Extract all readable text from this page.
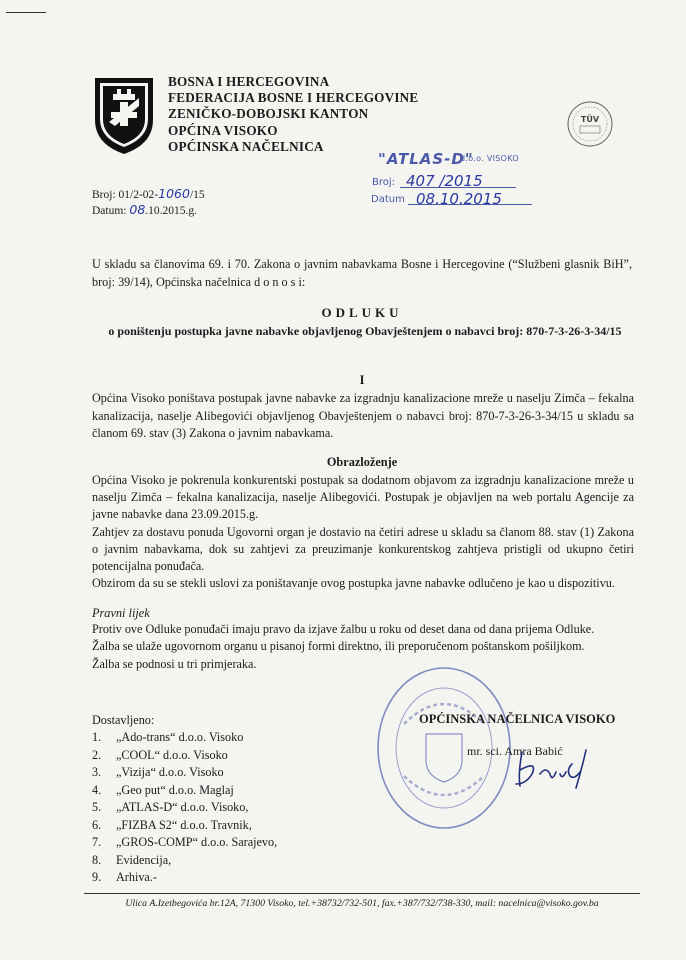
BOSNA I HERCEGOVINA
FEDERACIJA BOSNE I HERCEGOVINE
ZENIČKO-DOBOJSKI KANTON
OPĆINA VISOKO
OPĆINSKA NAČELNICA
TÜV
"ATLAS-D"
d.o.o. VISOKO
Broj: 407 /2015
Datum 08.10.2015
Broj: 01/2-02-1060/15
Datum: 08.10.2015.g.
U skladu sa članovima 69. i 70. Zakona o javnim nabavkama Bosne i Hercegovine (“Službeni glasnik BiH”, broj: 39/14), Općinska načelnica d o n o s i:
ODLUKU
o poništenju postupka javne nabavke objavljenog Obavještenjem o nabavci broj: 870-7-3-26-3-34/15
I
Općina Visoko poništava postupak javne nabavke za izgradnju kanalizacione mreže u naselju Zimča – fekalna kanalizacija, naselje Alibegovići objavljenog Obavještenjem o nabavci broj: 870-7-3-26-3-34/15 u skladu sa članom 69. stav (3) Zakona o javnim nabavkama.
Obrazloženje

Općina Visoko je pokrenula konkurentski postupak sa dodatnom objavom za izgradnju kanalizacione mreže u naselju Zimča – fekalna kanalizacija, naselje Alibegovići. Postupak je objavljen na web portalu Agencije za javne nabavke dana 23.09.2015.g.

Zahtjev za dostavu ponuda Ugovorni organ je dostavio na četiri adrese u skladu sa članom 88. stav (1) Zakona o javnim nabavkama, dok su zahtjevi za preuzimanje konkurentskog zahtjeva pristigli od ukupno četiri potencijalna ponuđača.

Obzirom da su se stekli uslovi za poništavanje ovog postupka javne nabavke odlučeno je kao u dispozitivu.

Pravni lijek

Protiv ove Odluke ponuđači imaju pravo da izjave žalbu u roku od deset dana od dana prijema Odluke.

Žalba se ulaže ugovornom organu u pisanoj formi direktno, ili preporučenom poštanskom pošiljkom.

Žalba se podnosi u tri primjeraka.

Dostavljeno:
1. „Ado-trans“ d.o.o. Visoko
2. „COOL“ d.o.o. Visoko
3. „Vizija“ d.o.o. Visoko
4. „Geo put“ d.o.o. Maglaj
5. „ATLAS-D“ d.o.o. Visoko,
6. „FIZBA S2“ d.o.o. Travnik,
7. „GROS-COMP“ d.o.o. Sarajevo,
8. Evidencija,
9. Arhiva.-
OPĆINSKA NAČELNICA VISOKO
mr. sci. Amra Babić
Ulica A.Izetbegovića br.12A, 71300 Visoko, tel.+38732/732-501, fax.+387/732/738-330, mail: nacelnica@visoko.gov.ba
